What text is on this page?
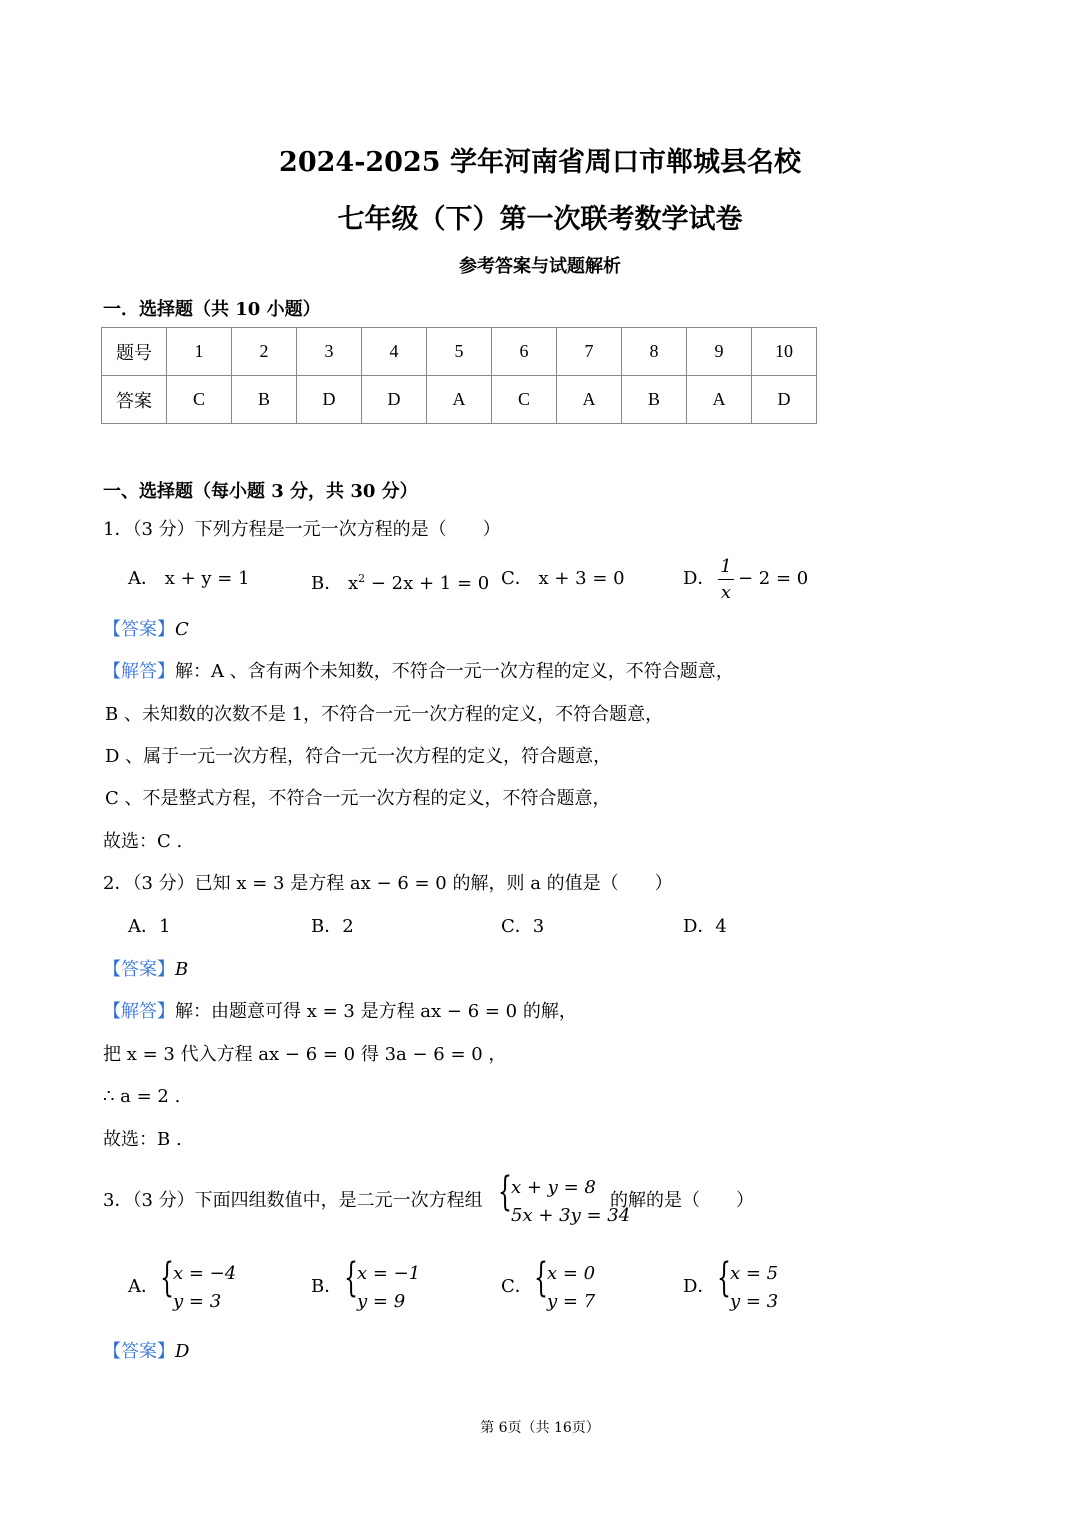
2024-2025 学年河南省周口市郸城县名校
七年级（下）第一次联考数学试卷
参考答案与试题解析
一．选择题（共 10 小题）
题号	1	2	3	4	5	6	7	8	9	10
答案	C	B	D	D	A	C	A	B	A	D
一、选择题（每小题 3 分，共 30 分）
1．（3 分）下列方程是一元一次方程的是（　　）
A． x + y = 1	B． $x^2 - 2x + 1 = 0$ C． x + 3 = 0	D．
1
x
− 2 = 0
【答案】C
【解答】解：A 、含有两个未知数，不符合一元一次方程的定义，不符合题意，
B 、未知数的次数不是 1，不符合一元一次方程的定义，不符合题意，
D 、属于一元一次方程，符合一元一次方程的定义，符合题意，
C 、不是整式方程，不符合一元一次方程的定义，不符合题意，
故选：C .
2．（3 分）已知 x = 3 是方程 ax − 6 = 0 的解，则 a 的值是（　　）
A．1	B．2	C．3	D．4
【答案】B
【解答】解：由题意可得 x = 3 是方程 ax − 6 = 0 的解，
把 x = 3 代入方程 ax − 6 = 0 得 3a − 6 = 0 ，
∴ a = 2 .
故选：B .
3．（3 分）下面四组数值中，是二元一次方程组 { x + y = 8
5x + 3y = 34
的解的是（　　）
A． { x = −4
y = 3
B． { x = −1
y = 9
C． { x = 0
y = 7
D． { x = 5
y = 3
【答案】D
第 6页（共 16页）
